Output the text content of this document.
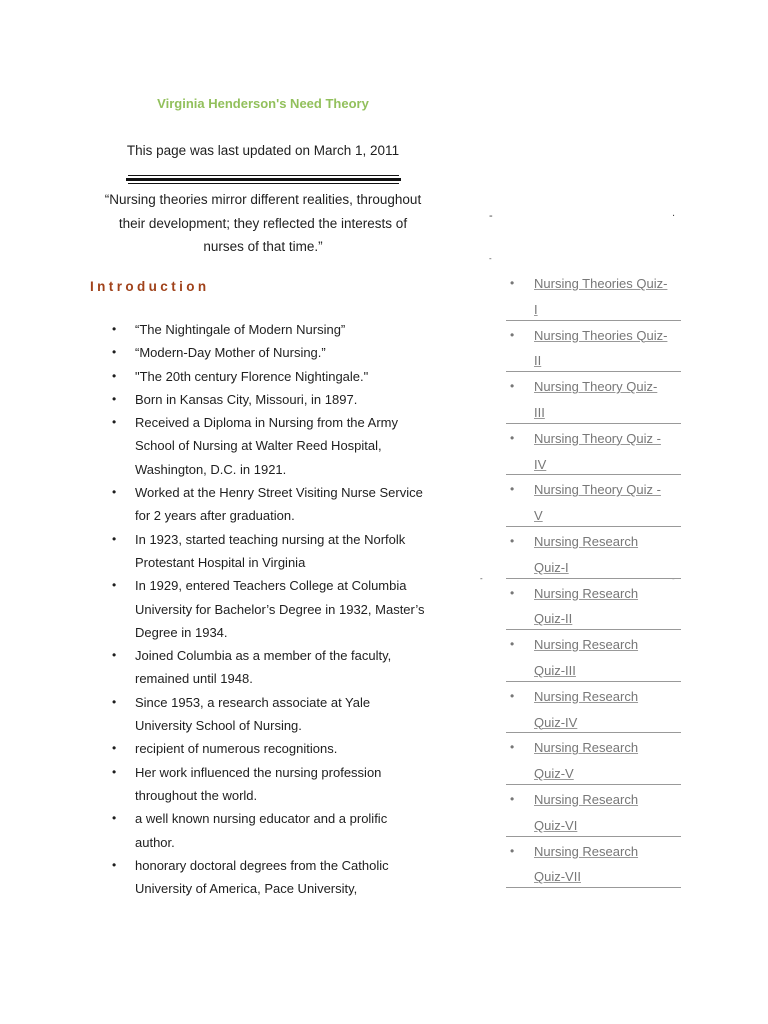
Virginia Henderson's Need Theory
This page was last updated on March 1, 2011
“Nursing theories mirror different realities, throughout
their development; they reflected the interests of
nurses of that time.”
Introduction
• “The Nightingale of Modern Nursing”
• “Modern-Day Mother of Nursing.”
• "The 20th century Florence Nightingale."
• Born in Kansas City, Missouri, in 1897.
• Received a Diploma in Nursing from the Army School of Nursing at Walter Reed Hospital, Washington, D.C. in 1921.
• Worked at the Henry Street Visiting Nurse Service for 2 years after graduation.
• In 1923, started teaching nursing at the Norfolk Protestant Hospital in Virginia
• In 1929, entered Teachers College at Columbia University for Bachelor’s Degree in 1932, Master’s Degree in 1934.
• Joined Columbia as a member of the faculty, remained until 1948.
• Since 1953, a research associate at Yale University School of Nursing.
• recipient of numerous recognitions.
• Her work influenced the nursing profession throughout the world.
• a well known nursing educator and a prolific author.
• honorary doctoral degrees from the Catholic University of America, Pace University,
-	.
-
-
• Nursing Theories Quiz-
I
• Nursing Theories Quiz-
II
• Nursing Theory Quiz-
III
• Nursing Theory Quiz -
IV
• Nursing Theory Quiz -
V
• Nursing Research
Quiz-I
• Nursing Research
Quiz-II
• Nursing Research
Quiz-III
• Nursing Research
Quiz-IV
• Nursing Research
Quiz-V
• Nursing Research
Quiz-VI
• Nursing Research
Quiz-VII
